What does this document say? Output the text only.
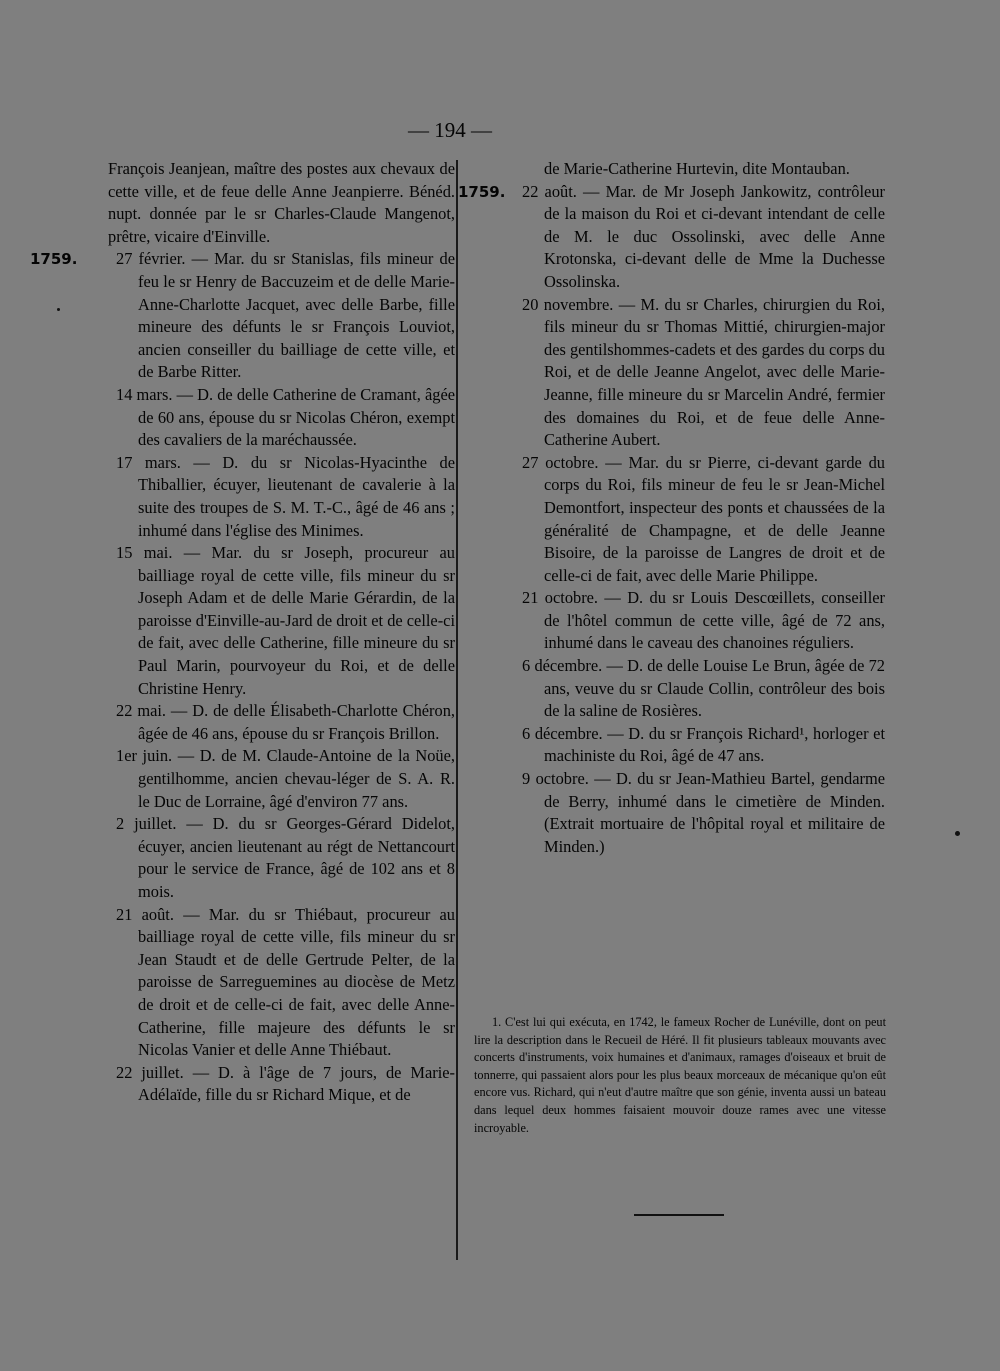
— 194 —
François Jeanjean, maître des postes aux chevaux de cette ville, et de feue delle Anne Jeanpierre. Bénéd. nupt. donnée par le sr Charles-Claude Mangenot, prêtre, vicaire d'Einville.
1759.	27 février. — Mar. du sr Stanislas, fils mineur de feu le sr Henry de Baccuzeim et de delle Marie-Anne-Charlotte Jacquet, avec delle Barbe, fille mineure des défunts le sr François Louviot, ancien conseiller du bailliage de cette ville, et de Barbe Ritter.
14 mars. — D. de delle Catherine de Cramant, âgée de 60 ans, épouse du sr Nicolas Chéron, exempt des cavaliers de la maréchaussée.
17 mars. — D. du sr Nicolas-Hyacinthe de Thiballier, écuyer, lieutenant de cavalerie à la suite des troupes de S. M. T.-C., âgé de 46 ans ; inhumé dans l'église des Minimes.
15 mai. — Mar. du sr Joseph, procureur au bailliage royal de cette ville, fils mineur du sr Joseph Adam et de delle Marie Gérardin, de la paroisse d'Einville-au-Jard de droit et de celle-ci de fait, avec delle Catherine, fille mineure du sr Paul Marin, pourvoyeur du Roi, et de delle Christine Henry.
22 mai. — D. de delle Élisabeth-Charlotte Chéron, âgée de 46 ans, épouse du sr François Brillon.
1er juin. — D. de M. Claude-Antoine de la Noüe, gentilhomme, ancien chevau-léger de S. A. R. le Duc de Lorraine, âgé d'environ 77 ans.
2 juillet. — D. du sr Georges-Gérard Didelot, écuyer, ancien lieutenant au régt de Nettancourt pour le service de France, âgé de 102 ans et 8 mois.
21 août. — Mar. du sr Thiébaut, procureur au bailliage royal de cette ville, fils mineur du sr Jean Staudt et de delle Gertrude Pelter, de la paroisse de Sarreguemines au diocèse de Metz de droit et de celle-ci de fait, avec delle Anne-Catherine, fille majeure des défunts le sr Nicolas Vanier et delle Anne Thiébaut.
22 juillet. — D. à l'âge de 7 jours, de Marie-Adélaïde, fille du sr Richard Mique, et de
de Marie-Catherine Hurtevin, dite Montauban.
1759.	22 août. — Mar. de Mr Joseph Jankowitz, contrôleur de la maison du Roi et ci-devant intendant de celle de M. le duc Ossolinski, avec delle Anne Krotonska, ci-devant delle de Mme la Duchesse Ossolinska.
20 novembre. — M. du sr Charles, chirurgien du Roi, fils mineur du sr Thomas Mittié, chirurgien-major des gentilshommes-cadets et des gardes du corps du Roi, et de delle Jeanne Angelot, avec delle Marie-Jeanne, fille mineure du sr Marcelin André, fermier des domaines du Roi, et de feue delle Anne-Catherine Aubert.
27 octobre. — Mar. du sr Pierre, ci-devant garde du corps du Roi, fils mineur de feu le sr Jean-Michel Demontfort, inspecteur des ponts et chaussées de la généralité de Champagne, et de delle Jeanne Bisoire, de la paroisse de Langres de droit et de celle-ci de fait, avec delle Marie Philippe.
21 octobre. — D. du sr Louis Descœillets, conseiller de l'hôtel commun de cette ville, âgé de 72 ans, inhumé dans le caveau des chanoines réguliers.
6 décembre. — D. de delle Louise Le Brun, âgée de 72 ans, veuve du sr Claude Collin, contrôleur des bois de la saline de Rosières.
6 décembre. — D. du sr François Richard¹, horloger et machiniste du Roi, âgé de 47 ans.
9 octobre. — D. du sr Jean-Mathieu Bartel, gendarme de Berry, inhumé dans le cimetière de Minden. (Extrait mortuaire de l'hôpital royal et militaire de Minden.)
1. C'est lui qui exécuta, en 1742, le fameux Rocher de Lunéville, dont on peut lire la description dans le Recueil de Héré. Il fit plusieurs tableaux mouvants avec concerts d'instruments, voix humaines et d'animaux, ramages d'oiseaux et bruit de tonnerre, qui passaient alors pour les plus beaux morceaux de mécanique qu'on eût encore vus. Richard, qui n'eut d'autre maître que son génie, inventa aussi un bateau dans lequel deux hommes faisaient mouvoir douze rames avec une vitesse incroyable.
